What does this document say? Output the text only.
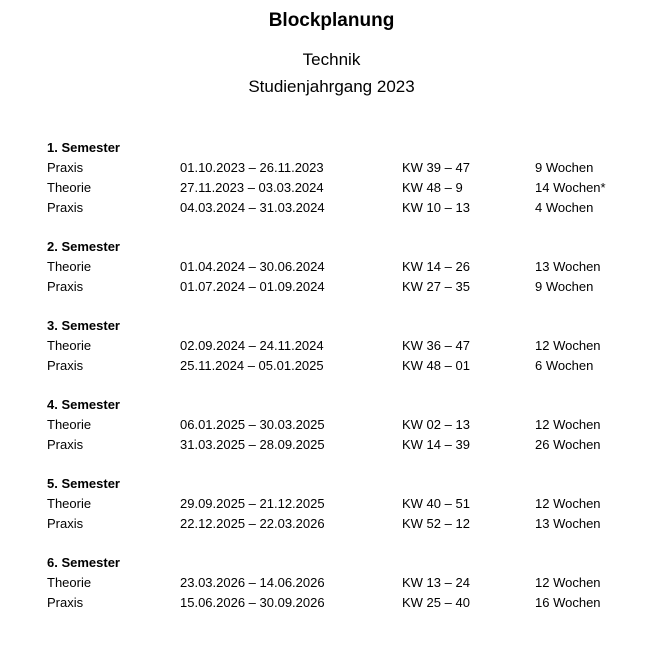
Blockplanung
Technik
Studienjahrgang 2023
1. Semester
Praxis	01.10.2023 – 26.11.2023	KW 39 – 47	9 Wochen
Theorie	27.11.2023 – 03.03.2024	KW 48 – 9	14 Wochen*
Praxis	04.03.2024 – 31.03.2024	KW 10 – 13	4 Wochen
2. Semester
Theorie	01.04.2024 – 30.06.2024	KW 14 – 26	13 Wochen
Praxis	01.07.2024 – 01.09.2024	KW 27 – 35	9 Wochen
3. Semester
Theorie	02.09.2024 – 24.11.2024	KW 36 – 47	12 Wochen
Praxis	25.11.2024 – 05.01.2025	KW 48 – 01	6 Wochen
4. Semester
Theorie	06.01.2025 – 30.03.2025	KW 02 – 13	12 Wochen
Praxis	31.03.2025 – 28.09.2025	KW 14 – 39	26 Wochen
5. Semester
Theorie	29.09.2025 – 21.12.2025	KW 40 – 51	12 Wochen
Praxis	22.12.2025 – 22.03.2026	KW 52 – 12	13 Wochen
6. Semester
Theorie	23.03.2026 – 14.06.2026	KW 13 – 24	12 Wochen
Praxis	15.06.2026 – 30.09.2026	KW 25 – 40	16 Wochen
